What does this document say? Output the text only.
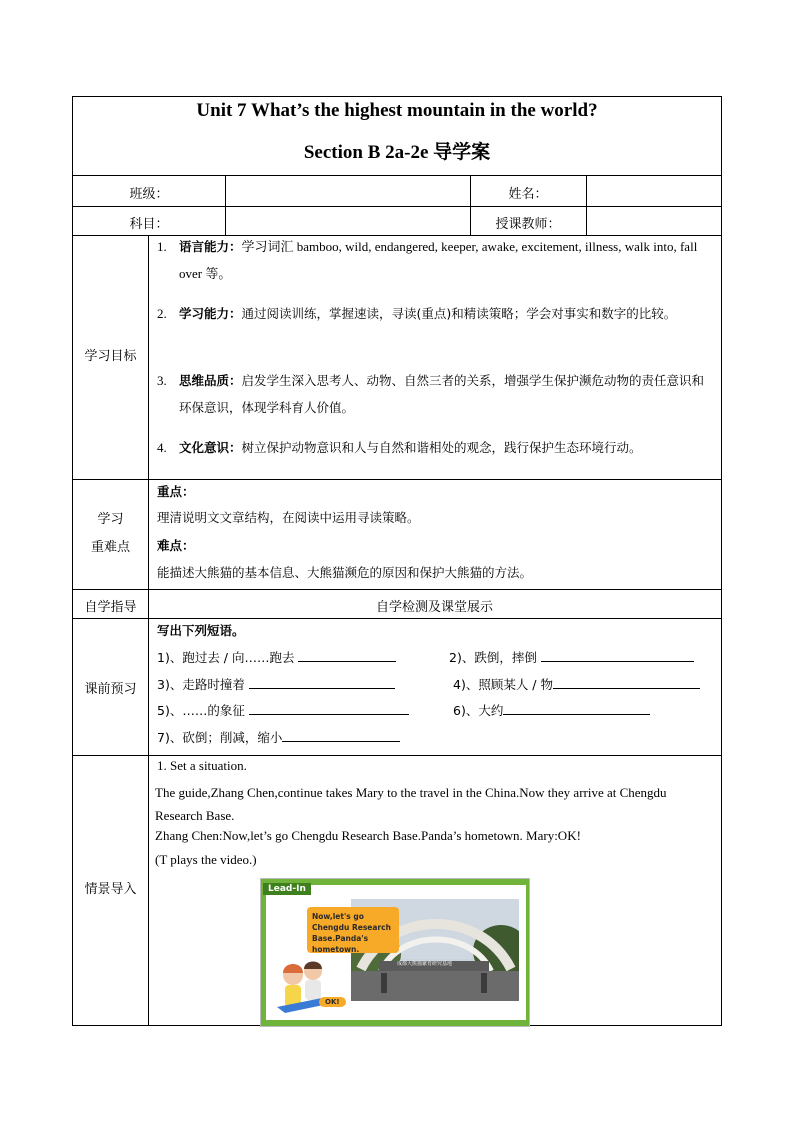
Unit 7 What’s the highest mountain in the world?
Section B 2a-2e 导学案
班级：	姓名：
科目：	授课教师：
学习目标
1. 语言能力：学习词汇 bamboo, wild, endangered, keeper, awake, excitement, illness, walk into, fall over 等。
2. 学习能力：通过阅读训练，掌握速读，寻读(重点)和精读策略；学会对事实和数字的比较。
3. 思维品质：启发学生深入思考人、动物、自然三者的关系，增强学生保护濒危动物的责任意识和环保意识，体现学科育人价值。
4. 文化意识：树立保护动物意识和人与自然和谐相处的观念，践行保护生态环境行动。
学习
重难点
重点：
理清说明文文章结构，在阅读中运用寻读策略。
难点：
能描述大熊猫的基本信息、大熊猫濒危的原因和保护大熊猫的方法。
自学指导	自学检测及课堂展示
课前预习
写出下列短语。
1)、跑过去 / 向……跑去	2)、跌倒，摔倒
3)、走路时撞着	4)、照顾某人 / 物
5)、……的象征	6)、大约
7)、砍倒；削减，缩小
情景导入
1. Set a situation.
The guide,Zhang Chen,continue takes Mary to the travel in the China.Now they arrive at Chengdu Research Base.
Zhang Chen:Now,let’s go Chengdu Research Base.Panda’s hometown. Mary:OK!
(T plays the video.)
Lead-In
成都大熊猫繁育研究基地
Now,let's go Chengdu Research Base.Panda's hometown.
OK!
